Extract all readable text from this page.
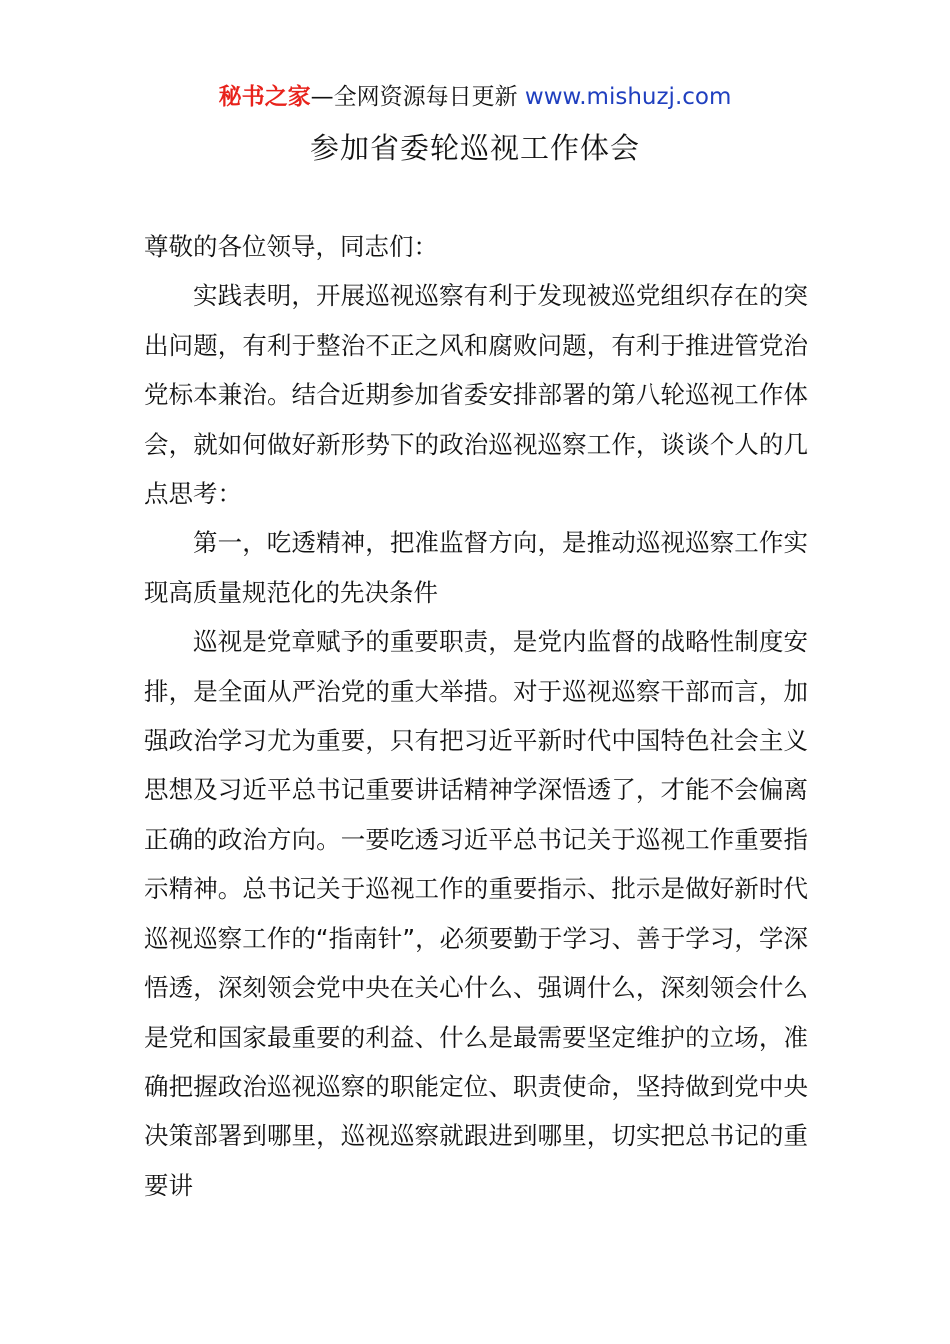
秘书之家—全网资源每日更新 www.mishuzj.com
参加省委轮巡视工作体会

尊敬的各位领导，同志们：

实践表明，开展巡视巡察有利于发现被巡党组织存在的突出问题，有利于整治不正之风和腐败问题，有利于推进管党治党标本兼治。结合近期参加省委安排部署的第八轮巡视工作体会，就如何做好新形势下的政治巡视巡察工作，谈谈个人的几点思考：

第一，吃透精神，把准监督方向，是推动巡视巡察工作实现高质量规范化的先决条件

巡视是党章赋予的重要职责，是党内监督的战略性制度安排，是全面从严治党的重大举措。对于巡视巡察干部而言，加强政治学习尤为重要，只有把习近平新时代中国特色社会主义思想及习近平总书记重要讲话精神学深悟透了，才能不会偏离正确的政治方向。一要吃透习近平总书记关于巡视工作重要指示精神。总书记关于巡视工作的重要指示、批示是做好新时代巡视巡察工作的“指南针”，必须要勤于学习、善于学习，学深悟透，深刻领会党中央在关心什么、强调什么，深刻领会什么是党和国家最重要的利益、什么是最需要坚定维护的立场，准确把握政治巡视巡察的职能定位、职责使命，坚持做到党中央决策部署到哪里，巡视巡察就跟进到哪里，切实把总书记的重要讲
